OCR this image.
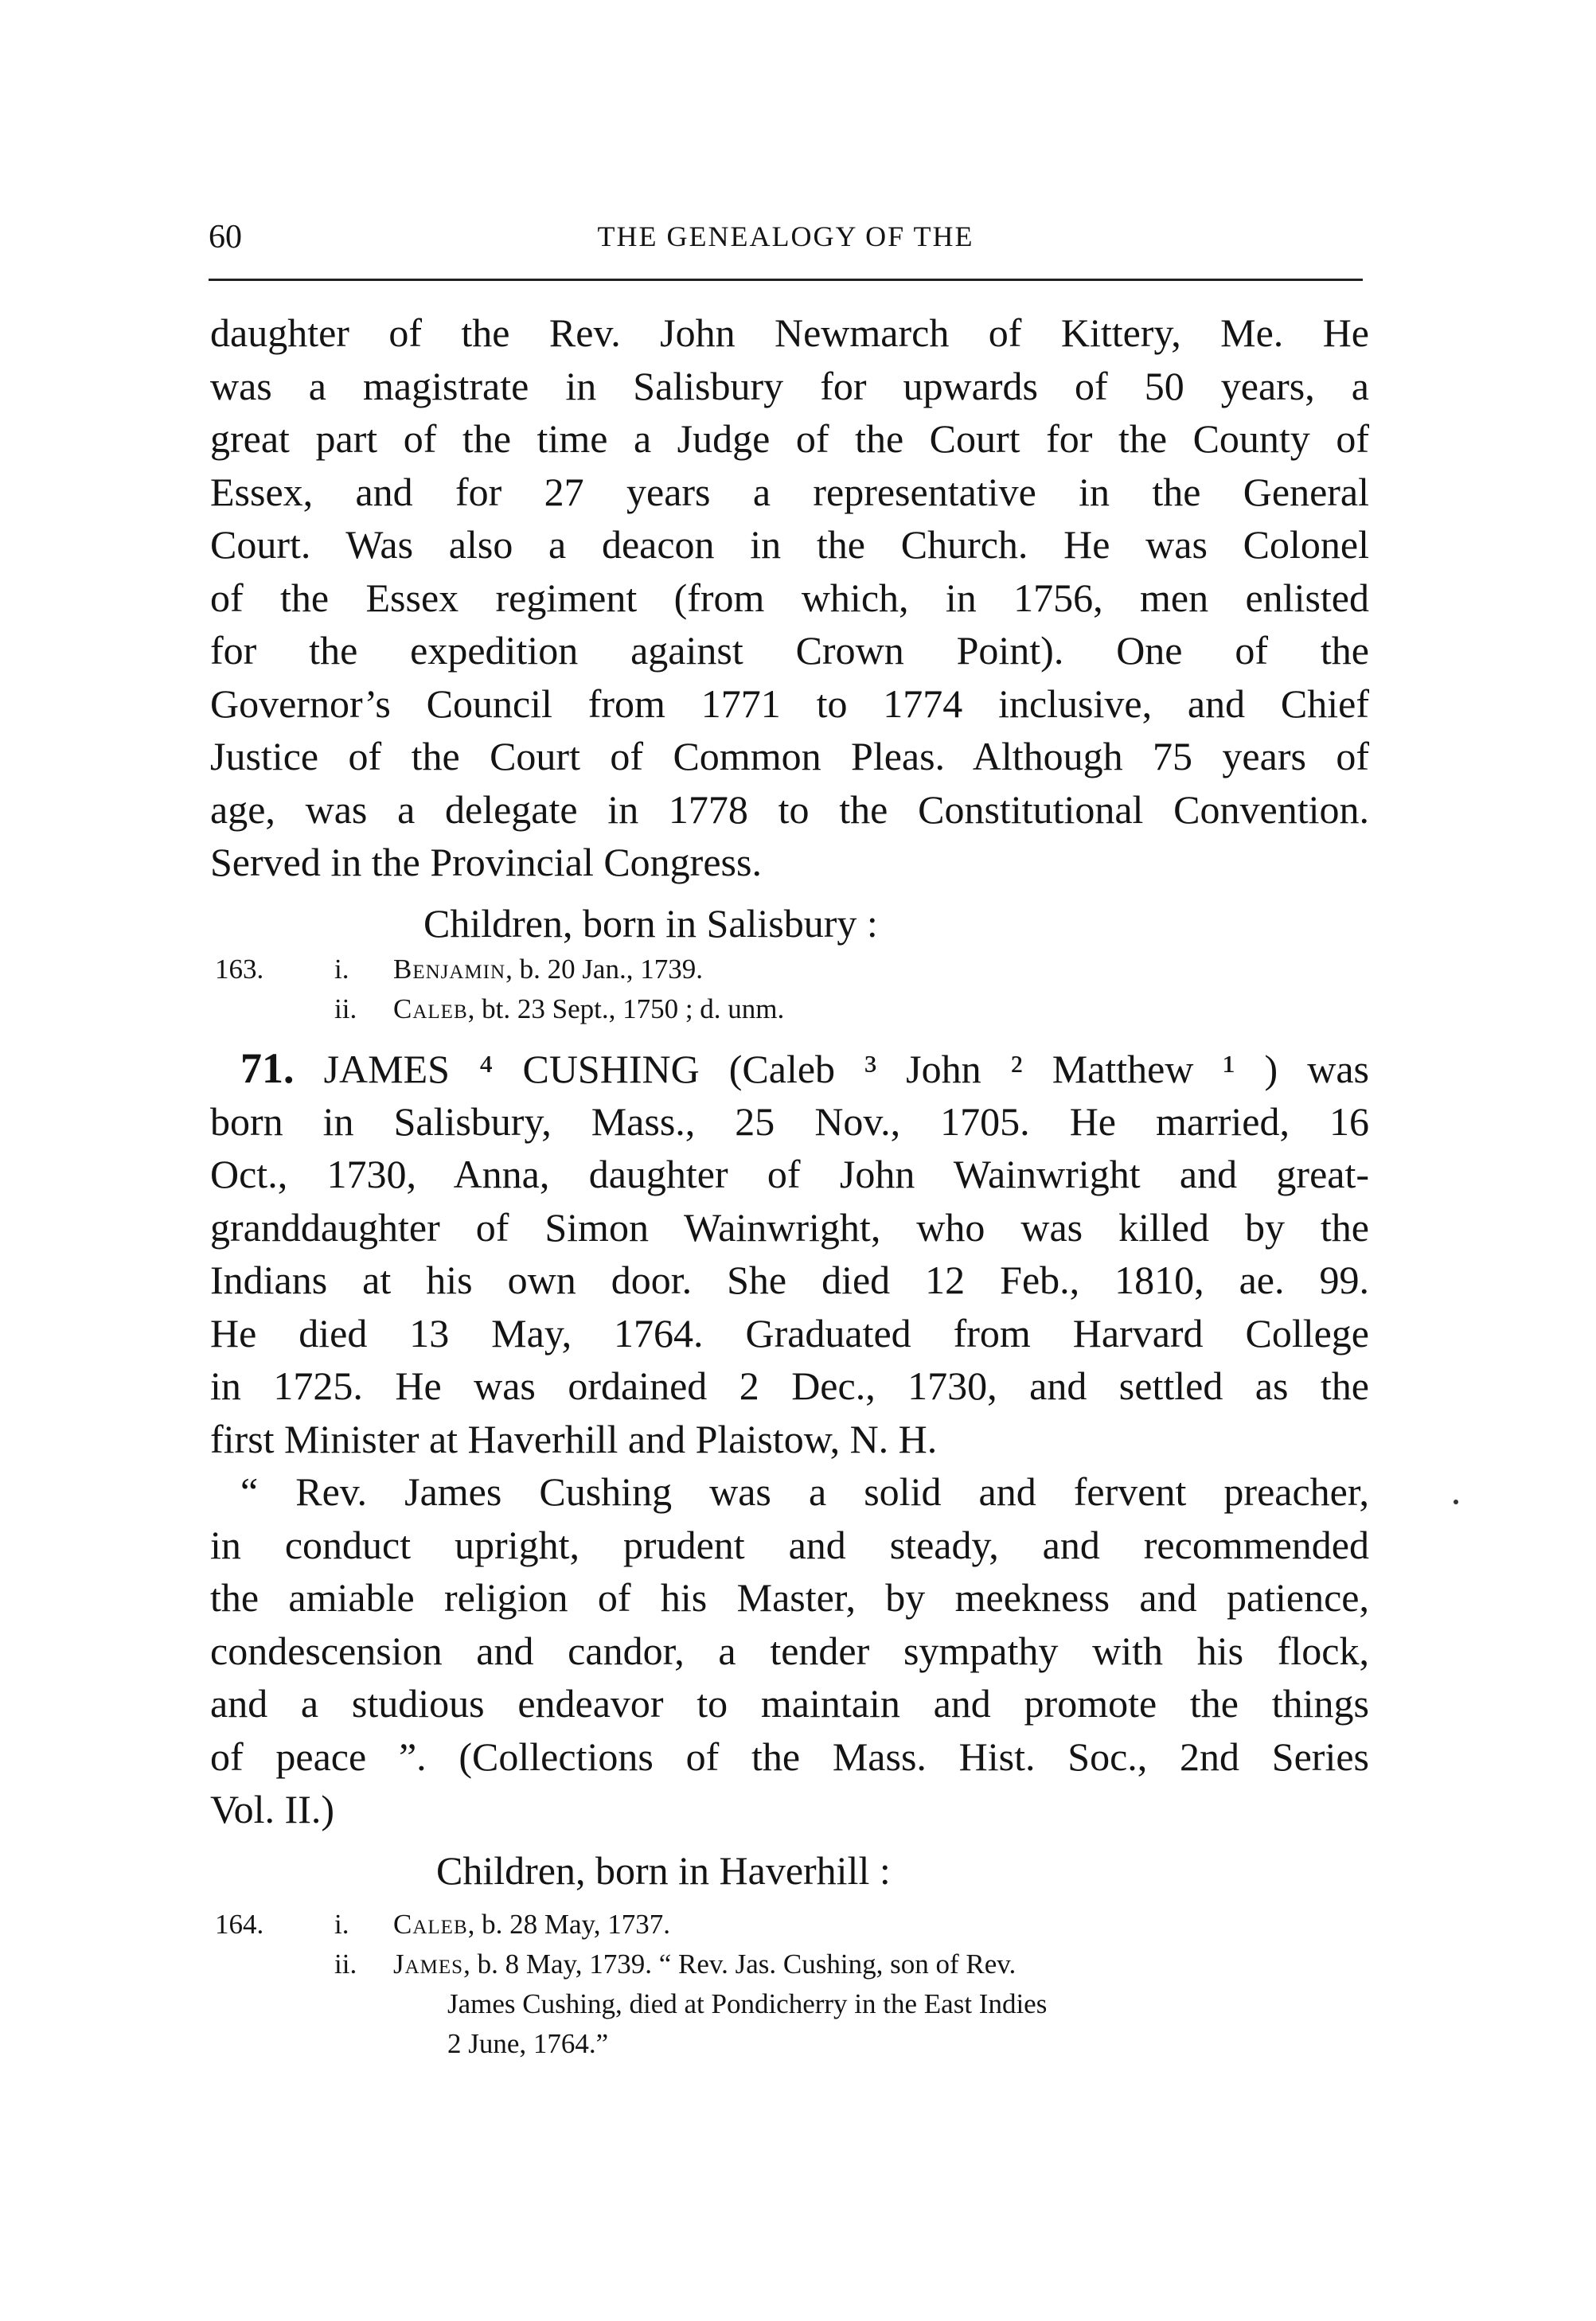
60	THE GENEALOGY OF THE
daughter of the Rev. John Newmarch of Kittery, Me. He
was a magistrate in Salisbury for upwards of 50 years, a
great part of the time a Judge of the Court for the County of
Essex, and for 27 years a representative in the General
Court. Was also a deacon in the Church. He was Colonel
of the Essex regiment (from which, in 1756, men enlisted
for the expedition against Crown Point). One of the
Governor’s Council from 1771 to 1774 inclusive, and Chief
Justice of the Court of Common Pleas. Although 75 years of
age, was a delegate in 1778 to the Constitutional Convention.
Served in the Provincial Congress.
Children, born in Salisbury :
163.	i. Benjamin, b. 20 Jan., 1739.
ii. Caleb, bt. 23 Sept., 1750 ; d. unm.
71. JAMES ⁴ CUSHING (Caleb ³ John ² Matthew ¹ ) was
born in Salisbury, Mass., 25 Nov., 1705. He married, 16
Oct., 1730, Anna, daughter of John Wainwright and great-
granddaughter of Simon Wainwright, who was killed by the
Indians at his own door. She died 12 Feb., 1810, ae. 99.
He died 13 May, 1764. Graduated from Harvard College
in 1725. He was ordained 2 Dec., 1730, and settled as the
first Minister at Haverhill and Plaistow, N. H.
“ Rev. James Cushing was a solid and fervent preacher,
in conduct upright, prudent and steady, and recommended
the amiable religion of his Master, by meekness and patience,
condescension and candor, a tender sympathy with his flock,
and a studious endeavor to maintain and promote the things
of peace ”. (Collections of the Mass. Hist. Soc., 2nd Series
Vol. II.)
Children, born in Haverhill :
164.	i. Caleb, b. 28 May, 1737.
ii. James, b. 8 May, 1739. “ Rev. Jas. Cushing, son of Rev.
James Cushing, died at Pondicherry in the East Indies
2 June, 1764.”
